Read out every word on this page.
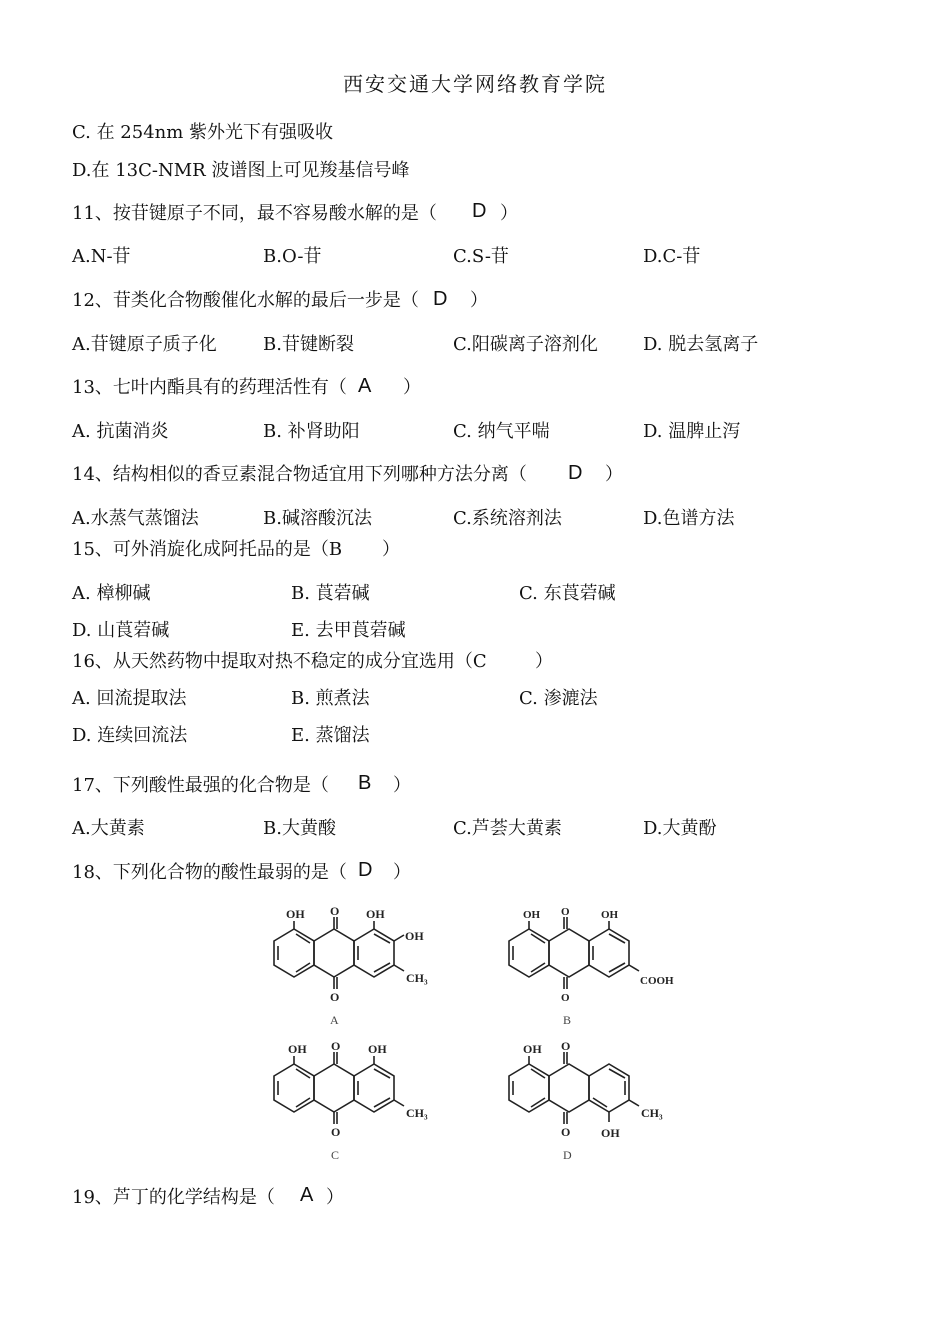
西安交通大学网络教育学院
C. 在 254nm 紫外光下有强吸收
D.在 13C-NMR 波谱图上可见羧基信号峰
11、按苷键原子不同，最不容易酸水解的是（ D ）
A.N-苷	B.O-苷	C.S-苷	D.C-苷
12、苷类化合物酸催化水解的最后一步是（ D ）
A.苷键原子质子化	B.苷键断裂	C.阳碳离子溶剂化	D. 脱去氢离子
13、七叶内酯具有的药理活性有（ A ）
A. 抗菌消炎	B. 补肾助阳	C. 纳气平喘	D. 温脾止泻
14、结构相似的香豆素混合物适宜用下列哪种方法分离（ D ）
A.水蒸气蒸馏法	B.碱溶酸沉法	C.系统溶剂法	D.色谱方法
15、可外消旋化成阿托品的是（B ）
A. 樟柳碱	B. 莨菪碱	C. 东莨菪碱
D. 山莨菪碱	E. 去甲莨菪碱
16、从天然药物中提取对热不稳定的成分宜选用（C	）
A. 回流提取法	B. 煎煮法	C. 渗漉法
D. 连续回流法	E. 蒸馏法
17、下列酸性最强的化合物是（ B ）
A.大黄素	B.大黄酸	C.芦荟大黄素	D.大黄酚
18、下列化合物的酸性最弱的是（ D ）
OH O OH
OH
O
CH₃
A
OH O	OH
O
COOH
B
OH O OH
O
CH₃
C
OH O
O	OH
CH₃
D
19、芦丁的化学结构是（ A ）
